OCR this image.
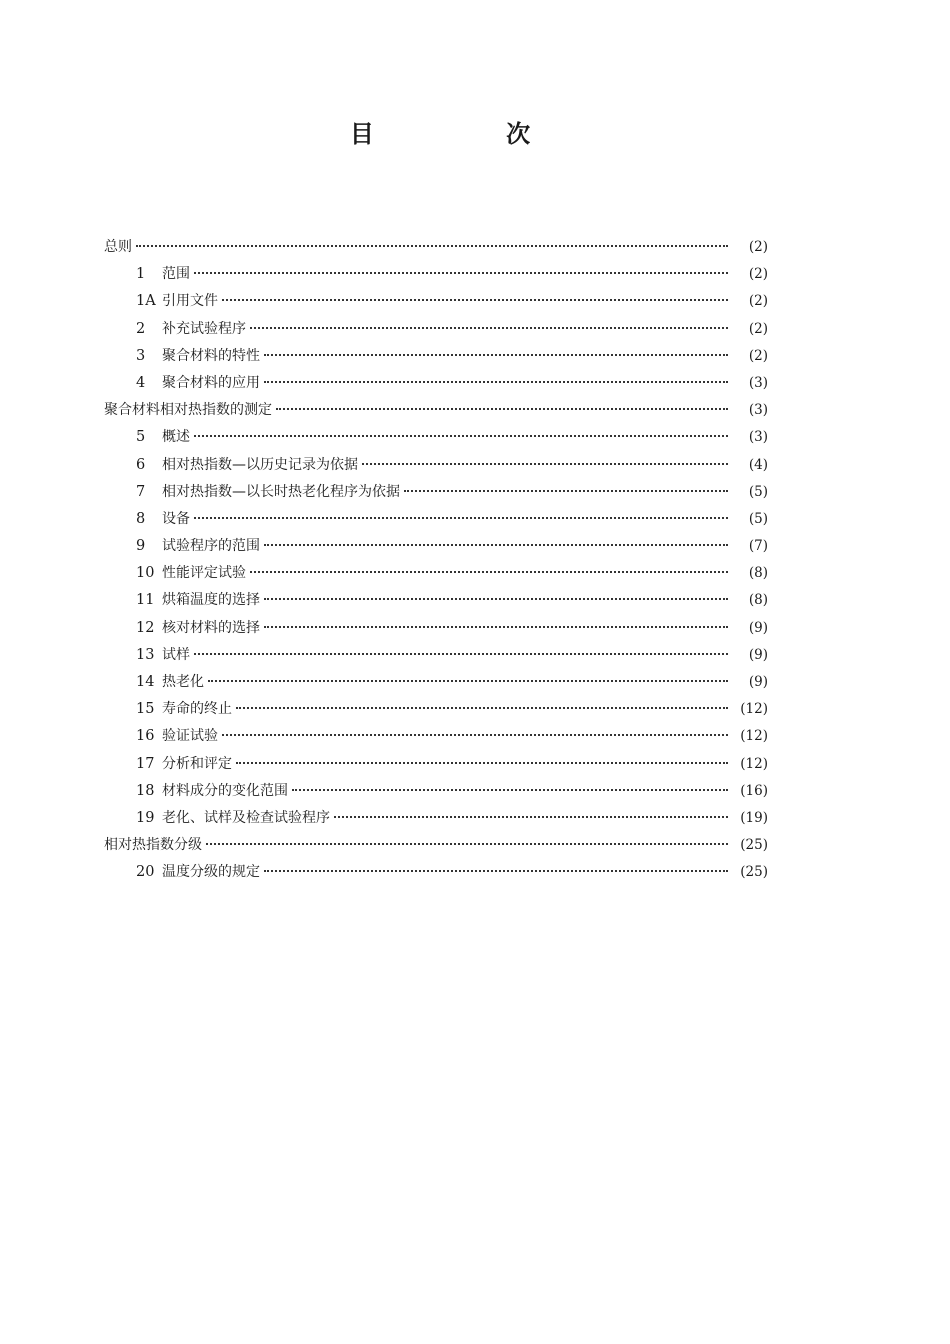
目 次
总则	(2)
1	范围	(2)
1A 引用文件	(2)
2	补充试验程序	(2)
3	聚合材料的特性	(2)
4	聚合材料的应用	(3)
聚合材料相对热指数的测定	(3)
5	概述	(3)
6	相对热指数—以历史记录为依据	(4)
7	相对热指数—以长时热老化程序为依据	(5)
8	设备	(5)
9	试验程序的范围	(7)
10 性能评定试验	(8)
11 烘箱温度的选择	(8)
12 核对材料的选择	(9)
13 试样	(9)
14 热老化	(9)
15 寿命的终止	(12)
16 验证试验	(12)
17 分析和评定	(12)
18 材料成分的变化范围	(16)
19 老化、试样及检查试验程序	(19)
相对热指数分级	(25)
20 温度分级的规定	(25)
